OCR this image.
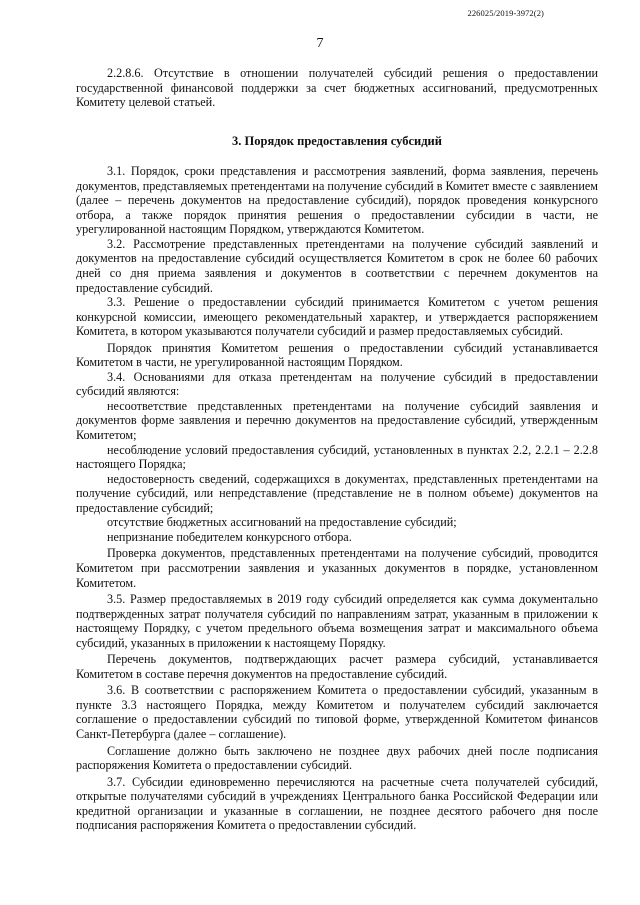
226025/2019-3972(2)
7

2.2.8.6. Отсутствие в отношении получателей субсидий решения о предоставлении государственной финансовой поддержки за счет бюджетных ассигнований, предусмотренных Комитету целевой статьей.

3. Порядок предоставления субсидий

3.1. Порядок, сроки представления и рассмотрения заявлений, форма заявления, перечень документов, представляемых претендентами на получение субсидий в Комитет вместе с заявлением (далее – перечень документов на предоставление субсидий), порядок проведения конкурсного отбора, а также порядок принятия решения о предоставлении субсидии в части, не урегулированной настоящим Порядком, утверждаются Комитетом.

3.2. Рассмотрение представленных претендентами на получение субсидий заявлений и документов на предоставление субсидий осуществляется Комитетом в срок не более 60 рабочих дней со дня приема заявления и документов в соответствии с перечнем документов на предоставление субсидий.

3.3. Решение о предоставлении субсидий принимается Комитетом с учетом решения конкурсной комиссии, имеющего рекомендательный характер, и утверждается распоряжением Комитета, в котором указываются получатели субсидий и размер предоставляемых субсидий.

Порядок принятия Комитетом решения о предоставлении субсидий устанавливается Комитетом в части, не урегулированной настоящим Порядком.

3.4. Основаниями для отказа претендентам на получение субсидий в предоставлении субсидий являются:

несоответствие представленных претендентами на получение субсидий заявления и документов форме заявления и перечню документов на предоставление субсидий, утвержденным Комитетом;

несоблюдение условий предоставления субсидий, установленных в пунктах 2.2, 2.2.1 – 2.2.8 настоящего Порядка;

недостоверность сведений, содержащихся в документах, представленных претендентами на получение субсидий, или непредставление (представление не в полном объеме) документов на предоставление субсидий;

отсутствие бюджетных ассигнований на предоставление субсидий;

непризнание победителем конкурсного отбора.

Проверка документов, представленных претендентами на получение субсидий, проводится Комитетом при рассмотрении заявления и указанных документов в порядке, установленном Комитетом.

3.5. Размер предоставляемых в 2019 году субсидий определяется как сумма документально подтвержденных затрат получателя субсидий по направлениям затрат, указанным в приложении к настоящему Порядку, с учетом предельного объема возмещения затрат и максимального объема субсидий, указанных в приложении к настоящему Порядку.

Перечень документов, подтверждающих расчет размера субсидий, устанавливается Комитетом в составе перечня документов на предоставление субсидий.

3.6. В соответствии с распоряжением Комитета о предоставлении субсидий, указанным в пункте 3.3 настоящего Порядка, между Комитетом и получателем субсидий заключается соглашение о предоставлении субсидий по типовой форме, утвержденной Комитетом финансов Санкт-Петербурга (далее – соглашение).

Соглашение должно быть заключено не позднее двух рабочих дней после подписания распоряжения Комитета о предоставлении субсидий.

3.7. Субсидии единовременно перечисляются на расчетные счета получателей субсидий, открытые получателями субсидий в учреждениях Центрального банка Российской Федерации или кредитной организации и указанные в соглашении, не позднее десятого рабочего дня после подписания распоряжения Комитета о предоставлении субсидий.
